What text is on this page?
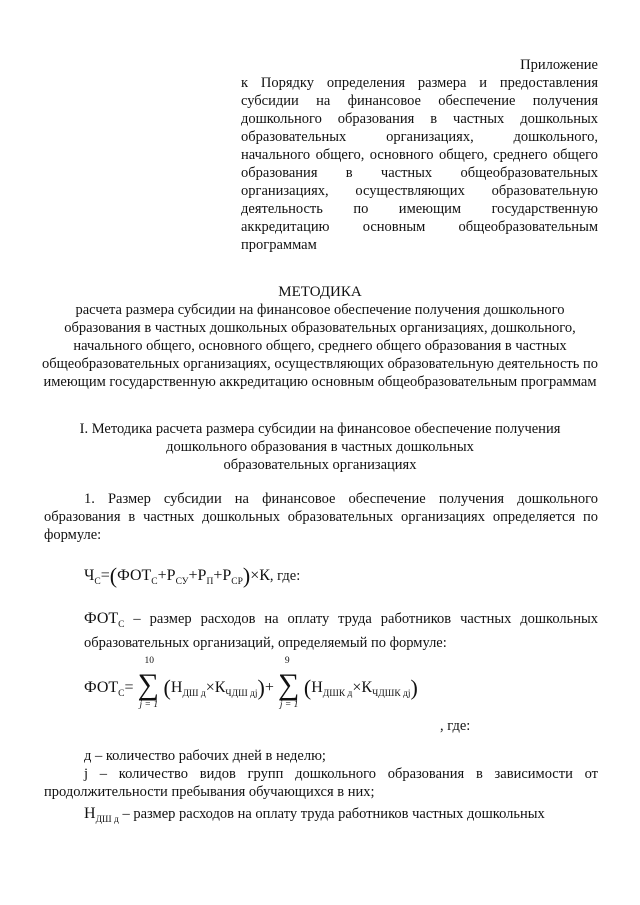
Приложение
к Порядку определения размера и предоставления субсидии на финансовое обеспечение получения дошкольного образования в частных дошкольных образовательных организациях, дошкольного, начального общего, основного общего, среднего общего образования в частных общеобразовательных организациях, осуществляющих образовательную деятельность по имеющим государственную аккредитацию основным общеобразовательным программам
МЕТОДИКА
расчета размера субсидии на финансовое обеспечение получения дошкольного образования в частных дошкольных образовательных организациях, дошкольного, начального общего, основного общего, среднего общего образования в частных общеобразовательных организациях, осуществляющих образовательную деятельность по имеющим государственную аккредитацию основным общеобразовательным программам
I. Методика расчета размера субсидии на финансовое обеспечение получения
дошкольного образования в частных дошкольных
образовательных организациях
1. Размер субсидии на финансовое обеспечение получения дошкольного образования в частных дошкольных образовательных организациях определяется по формуле:
$Ч_С=(ФОТ_С+Р_{СУ}+Р_П+Р_{СР})\times К$, где:
$ФОТ_С$ – размер расходов на оплату труда работников частных дошкольных образовательных организаций, определяемый по формуле:
$ФОТ_С=$
10
∑
j = 1
$(Н_{ДШ д}\times К_{ЧДШ дj})+$
9
∑
j = 1
$(Н_{ДШК д}\times К_{ЧДШК дj})$
, где:
д – количество рабочих дней в неделю;
j – количество видов групп дошкольного образования в зависимости от продолжительности пребывания обучающихся в них;
$Н_{ДШ д}$ – размер расходов на оплату труда работников частных дошкольных
